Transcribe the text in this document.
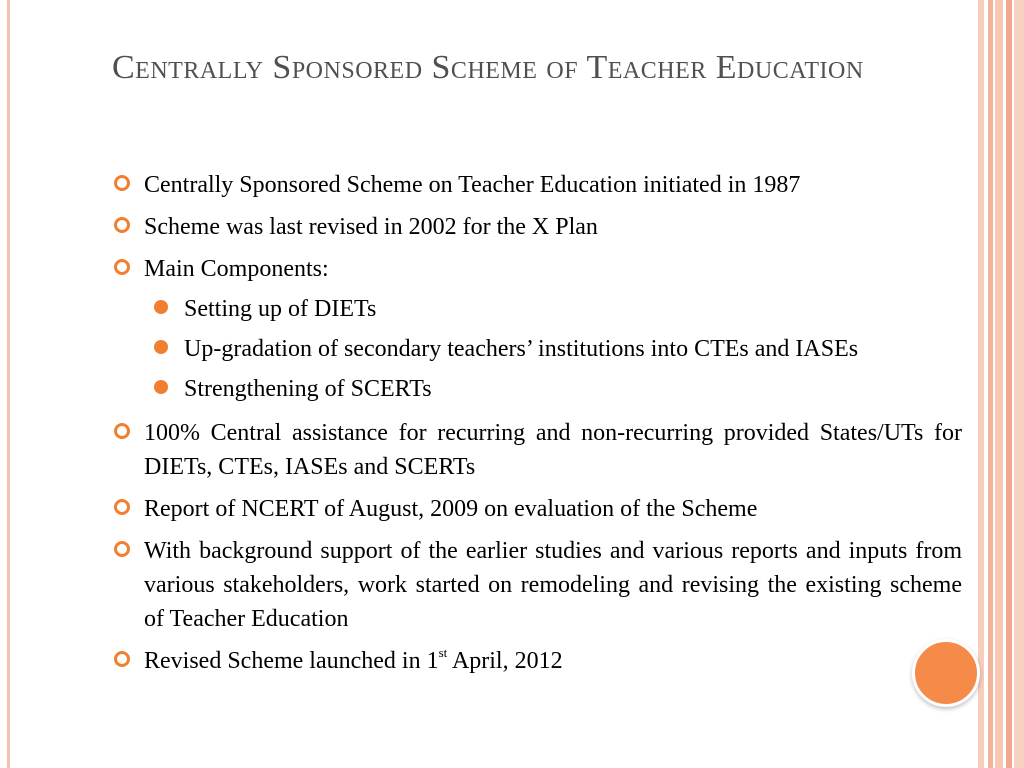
Centrally Sponsored Scheme of Teacher Education
Centrally Sponsored Scheme on Teacher Education initiated in 1987
Scheme was last revised in 2002 for the X Plan
Main Components:
Setting up of DIETs
Up-gradation of secondary teachers’ institutions into CTEs and IASEs
Strengthening of SCERTs
100% Central assistance for recurring and non-recurring provided States/UTs for DIETs, CTEs, IASEs and SCERTs
Report of NCERT of August, 2009 on evaluation of the Scheme
With background support of the earlier studies and various reports and inputs from various stakeholders, work started on remodeling and revising the existing scheme of Teacher Education
Revised Scheme launched in 1st April, 2012
